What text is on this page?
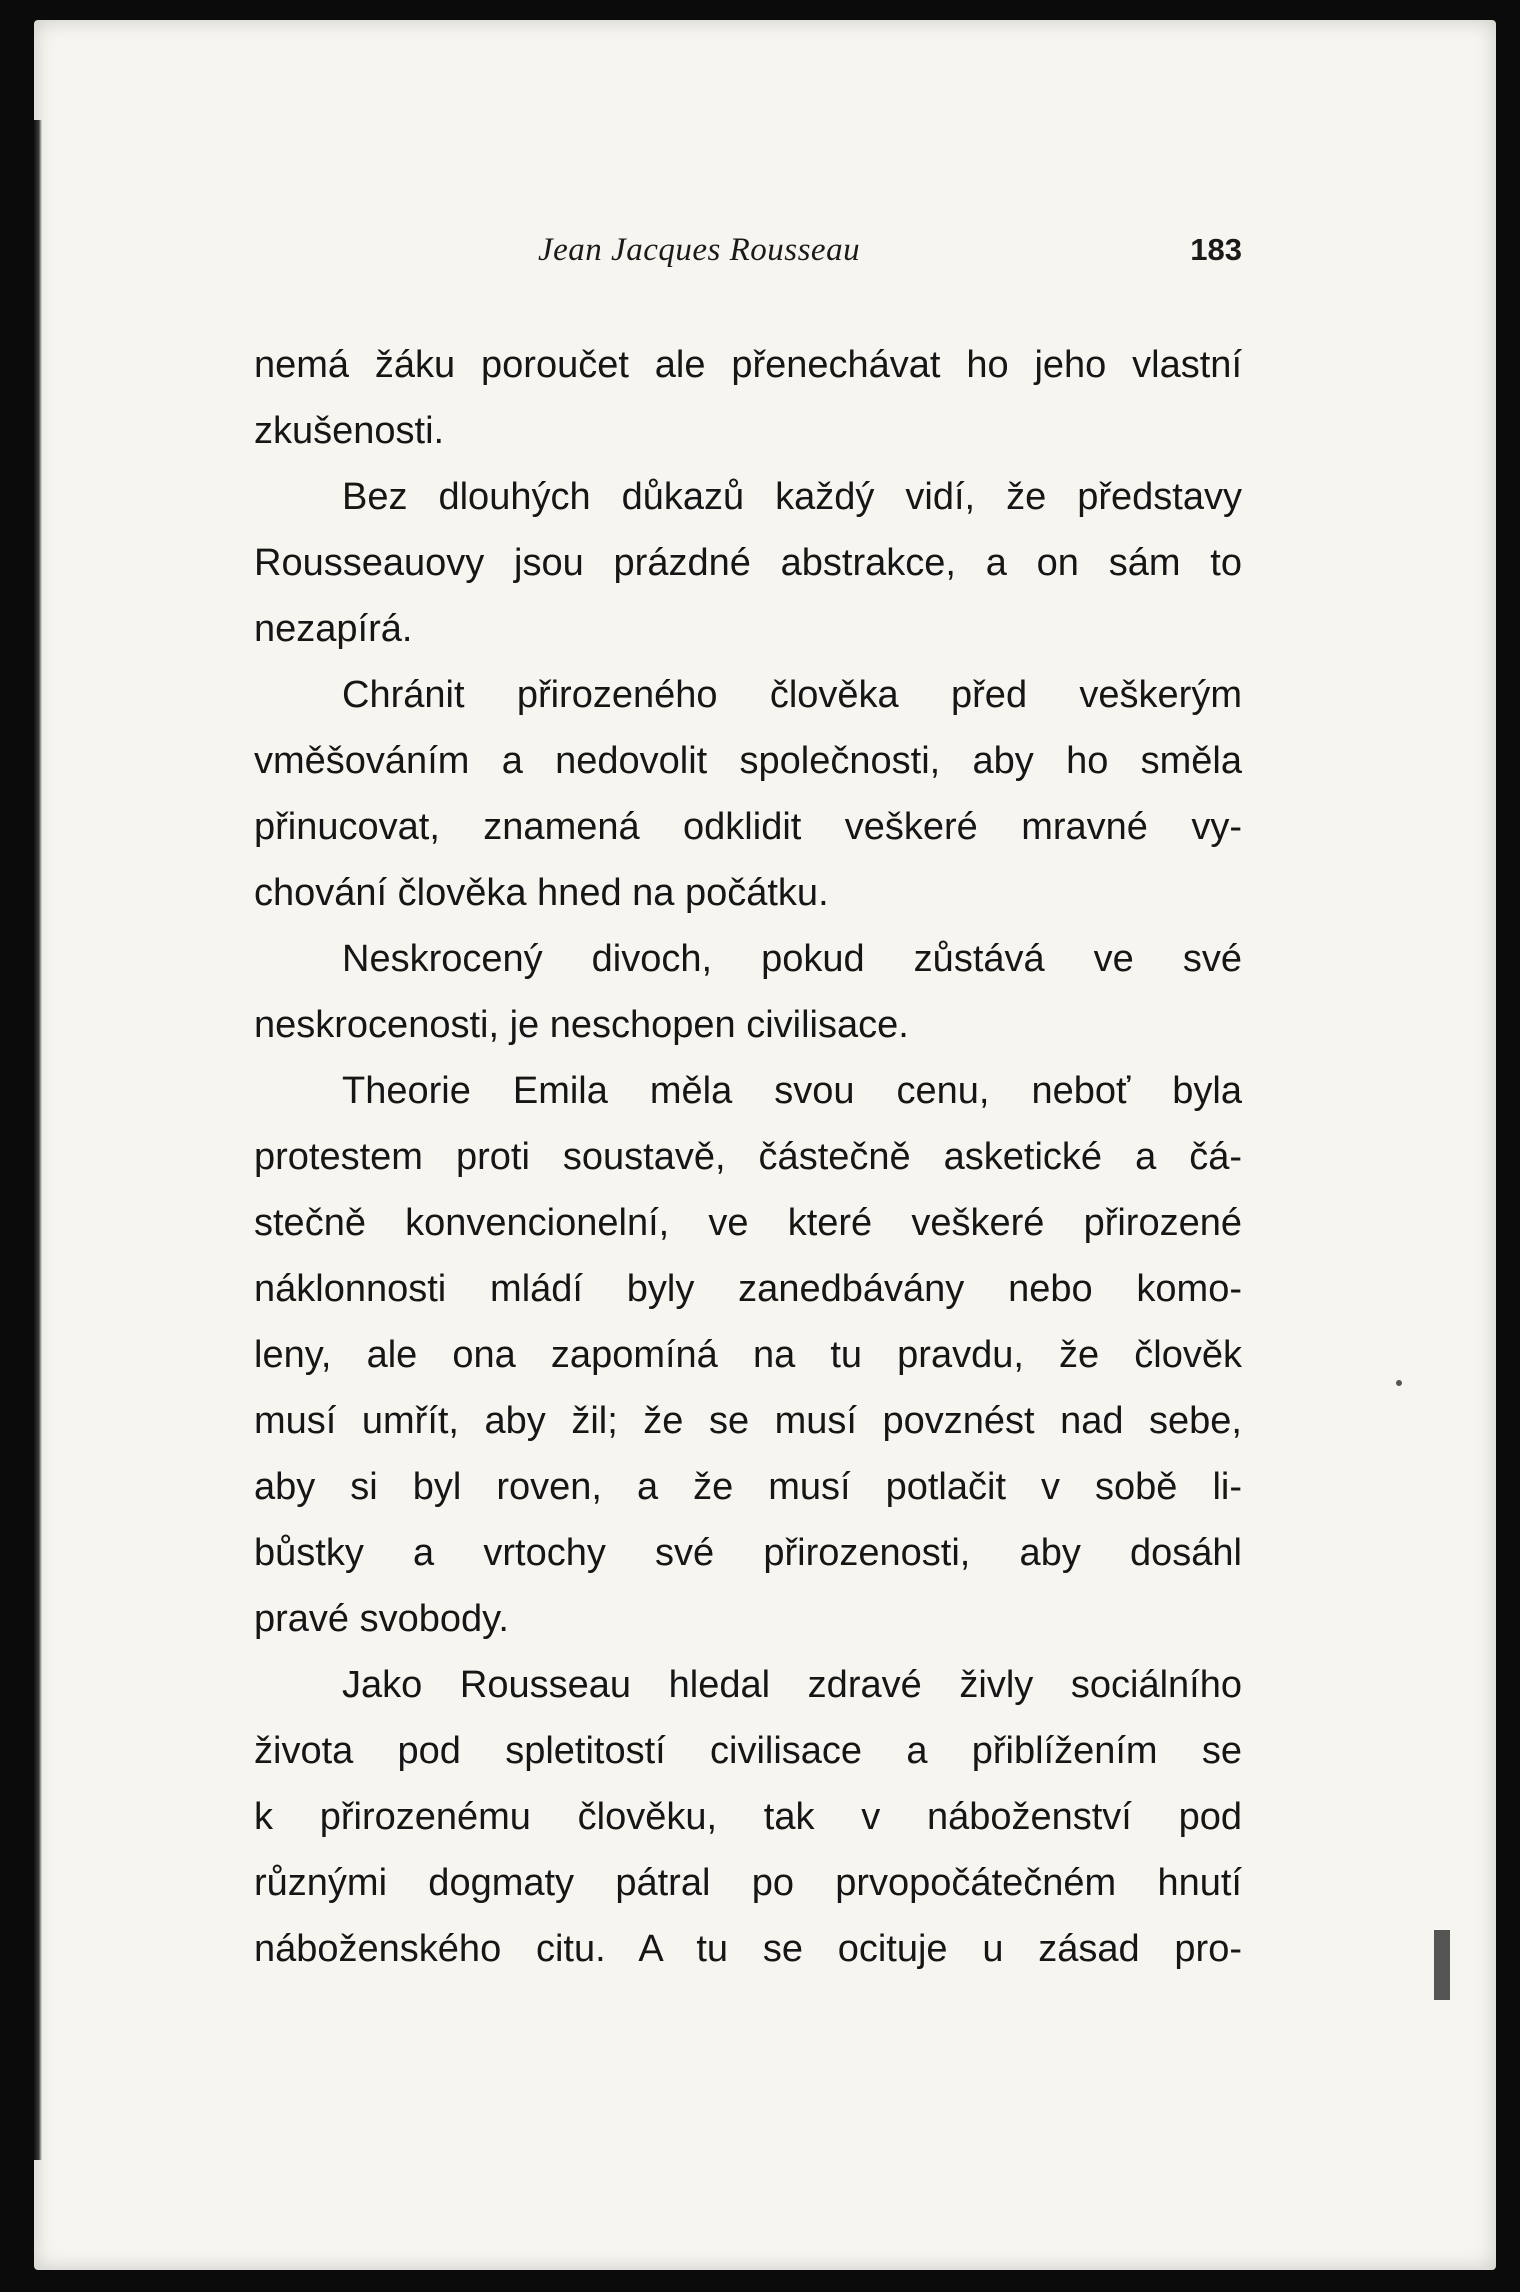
Jean Jacques Rousseau	183
nemá žáku poroučet ale přenechávat ho jeho vlastní
zkušenosti.
Bez dlouhých důkazů každý vidí, že představy
Rousseauovy jsou prázdné abstrakce, a on sám to
nezapírá.
Chránit přirozeného člověka před veškerým
vměšováním a nedovolit společnosti, aby ho směla
přinucovat, znamená odklidit veškeré mravné vy-
chování člověka hned na počátku.
Neskrocený divoch, pokud zůstává ve své
neskrocenosti, je neschopen civilisace.
Theorie Emila měla svou cenu, neboť byla
protestem proti soustavě, částečně asketické a čá-
stečně konvencionelní, ve které veškeré přirozené
náklonnosti mládí byly zanedbávány nebo komo-
leny, ale ona zapomíná na tu pravdu, že člověk
musí umřít, aby žil; že se musí povznést nad sebe,
aby si byl roven, a že musí potlačit v sobě li-
bůstky a vrtochy své přirozenosti, aby dosáhl
pravé svobody.
Jako Rousseau hledal zdravé živly sociálního
života pod spletitostí civilisace a přiblížením se
k přirozenému člověku, tak v náboženství pod
různými dogmaty pátral po prvopočátečném hnutí
náboženského citu. A tu se ocituje u zásad pro-
